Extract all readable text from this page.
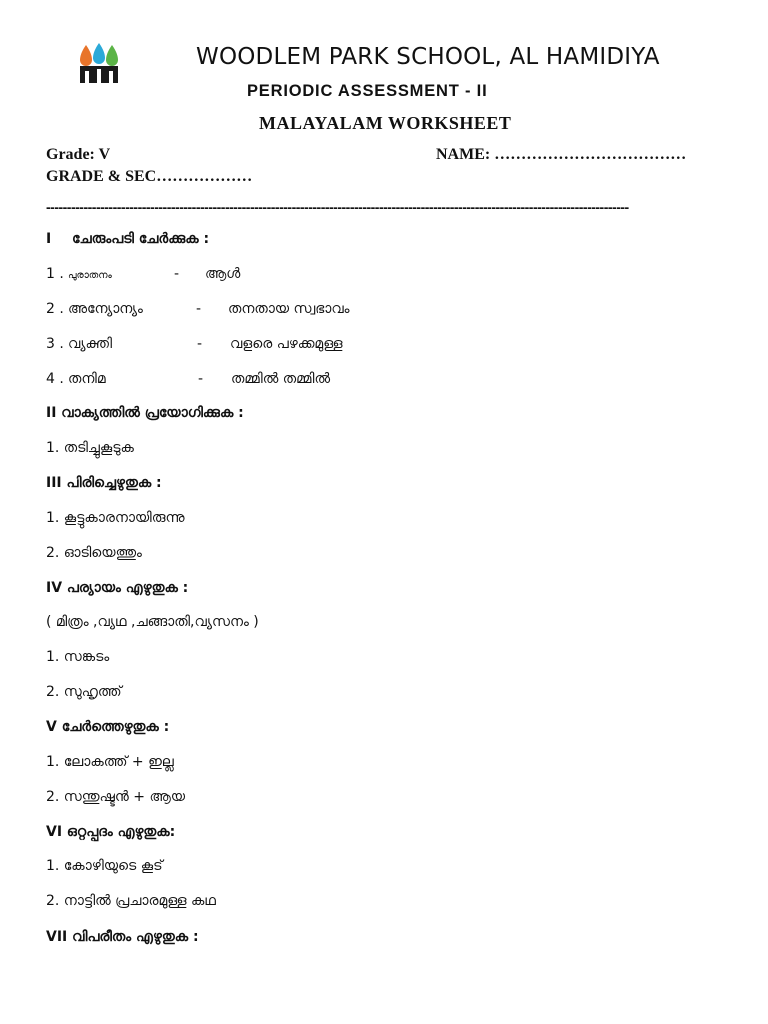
WOODLEM PARK SCHOOL, AL HAMIDIYA
PERIODIC ASSESSMENT - II
MALAYALAM WORKSHEET
Grade: V	NAME: ………………………………
GRADE & SEC………………
--------------------------------------------------------------------------------------------------------------------------------------------
I ചേരുംപടി ചേർക്കുക :
1 . പുരാതനം	- ആൾ
2 . അന്യോന്യം	- തനതായ സ്വഭാവം
3 . വ്യക്തി	- വളരെ പഴക്കമുള്ള
4 . തനിമ	- തമ്മിൽ തമ്മിൽ
II വാക്യത്തിൽ പ്രയോഗിക്കുക :
1. തടിച്ചുകൂടുക
III പിരിച്ചെഴുതുക :
1. കൂട്ടുകാരനായിരുന്നു
2. ഓടിയെത്തും
IV പര്യായം എഴുതുക :
( മിത്രം ,വ്യഥ ,ചങ്ങാതി,വ്യസനം )
1. സങ്കടം
2. സുഹൃത്ത്
V ചേർത്തെഴുതുക :
1. ലോകത്ത് + ഇല്ല
2. സന്തുഷ്ടൻ + ആയ
VI ഒറ്റപ്പദം എഴുതുക:
1. കോഴിയുടെ കൂട്
2. നാട്ടിൽ പ്രചാരമുള്ള കഥ
VII വിപരീതം എഴുതുക :
